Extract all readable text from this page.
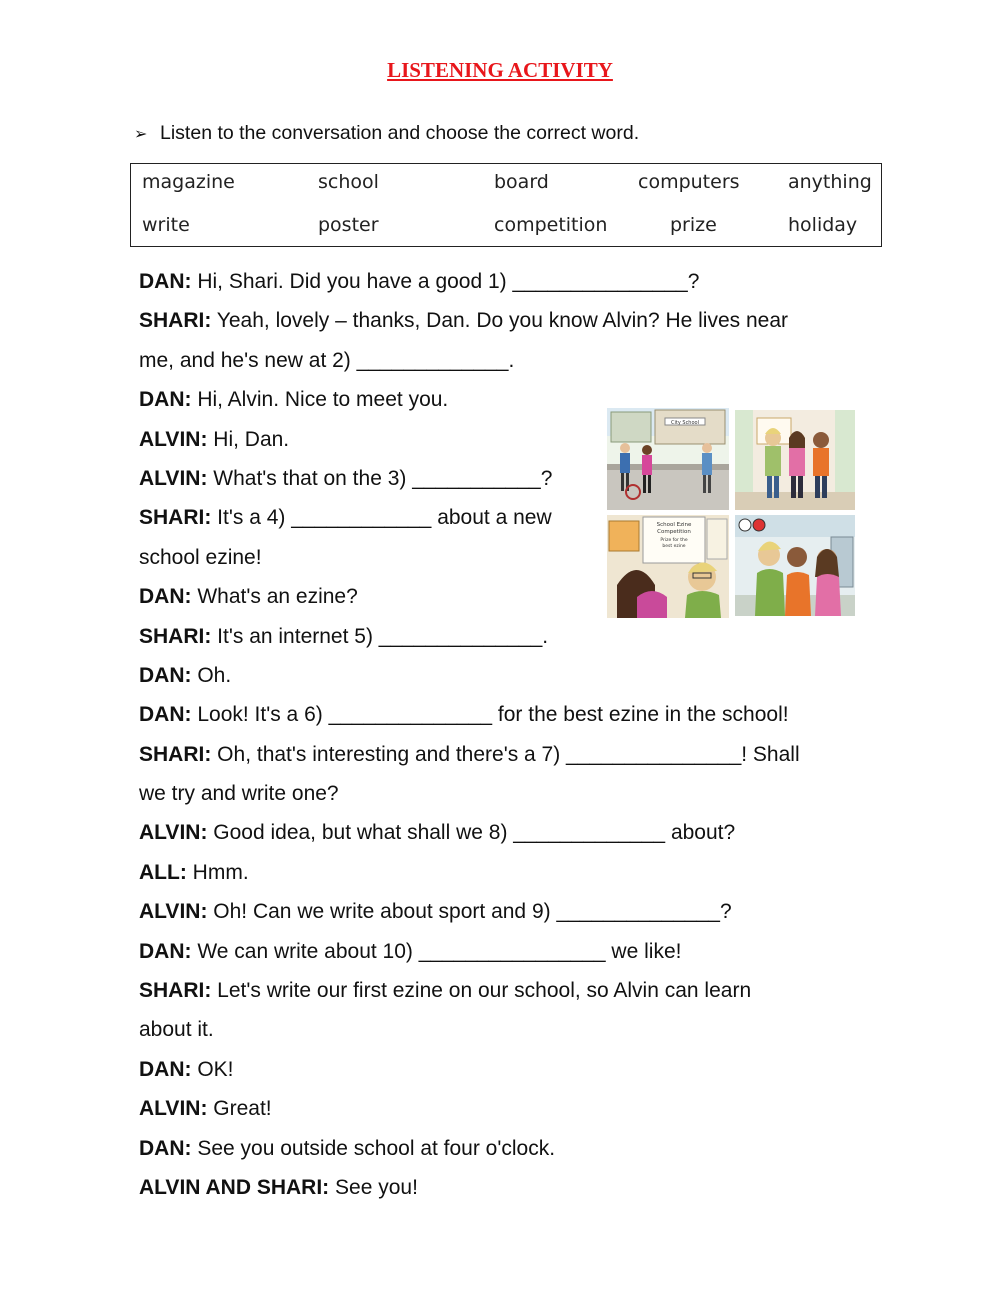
LISTENING ACTIVITY
➢ Listen to the conversation and choose the correct word.
magazine	school	board	computers	anything
write	poster	competition	prize	holiday
DAN: Hi, Shari. Did you have a good 1) _______________?
SHARI: Yeah, lovely – thanks, Dan. Do you know Alvin? He lives near
me, and he's new at 2) _____________.
DAN: Hi, Alvin. Nice to meet you.
ALVIN: Hi, Dan.
ALVIN: What's that on the 3) ___________?
SHARI: It's a 4) ____________ about a new
school ezine!
DAN: What's an ezine?
SHARI: It's an internet 5) ______________.
DAN: Oh.
DAN: Look! It's a 6) ______________ for the best ezine in the school!
SHARI: Oh, that's interesting and there's a 7) _______________! Shall
we try and write one?
ALVIN: Good idea, but what shall we 8) _____________ about?
ALL: Hmm.
ALVIN: Oh! Can we write about sport and 9) ______________?
DAN: We can write about 10) ________________ we like!
SHARI: Let's write our first ezine on our school, so Alvin can learn
about it.
DAN: OK!
ALVIN: Great!
DAN: See you outside school at four o'clock.
ALVIN AND SHARI: See you!
City School
School Ezine
Competition
Prize for the
best ezine
